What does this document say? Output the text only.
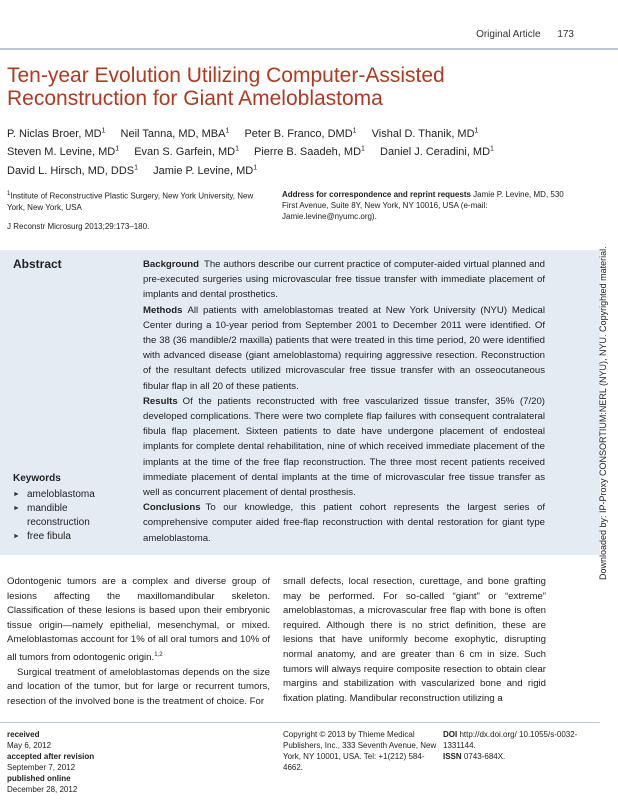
Original Article 173
Ten-year Evolution Utilizing Computer-Assisted Reconstruction for Giant Ameloblastoma
P. Niclas Broer, $MD^1$ Neil Tanna, MD, MBA$^1$ Peter B. Franco, DMD$^1$ Vishal D. Thanik, $MD^1$ Steven M. Levine, $MD^1$ Evan S. Garfein, $MD^1$ Pierre B. Saadeh, $MD^1$ Daniel J. Ceradini, $MD^1$ David L. Hirsch, MD, DDS$^1$ Jamie P. Levine, $MD^1$
$^1$Institute of Reconstructive Plastic Surgery, New York University, New York, New York, USA
J Reconstr Microsurg 2013;29:173–180.
Address for correspondence and reprint requests Jamie P. Levine, MD, 530 First Avenue, Suite 8Y, New York, NY 10016, USA (e-mail: Jamie.levine@nyumc.org).
Abstract
Keywords
► ameloblastoma
► mandible reconstruction
► free fibula

Background The authors describe our current practice of computer-aided virtual planned and pre-executed surgeries using microvascular free tissue transfer with immediate placement of implants and dental prosthetics.

Methods All patients with ameloblastomas treated at New York University (NYU) Medical Center during a 10-year period from September 2001 to December 2011 were identified. Of the 38 (36 mandible/2 maxilla) patients that were treated in this time period, 20 were identified with advanced disease (giant ameloblastoma) requiring aggressive resection. Reconstruction of the resultant defects utilized microvascular free tissue transfer with an osseocutaneous fibular flap in all 20 of these patients.

Results Of the patients reconstructed with free vascularized tissue transfer, 35% (7/20) developed complications. There were two complete flap failures with consequent contralateral fibula flap placement. Sixteen patients to date have undergone placement of endosteal implants for complete dental rehabilitation, nine of which received immediate placement of the implants at the time of the free flap reconstruction. The three most recent patients received immediate placement of dental implants at the time of microvascular free tissue transfer as well as concurrent placement of dental prosthesis.

Conclusions To our knowledge, this patient cohort represents the largest series of comprehensive computer aided free-flap reconstruction with dental restoration for giant type ameloblastoma.	Downloaded by: IP-Proxy CONSORTIUM:NERL (NYU), NYU. Copyrighted material.

Odontogenic tumors are a complex and diverse group of lesions affecting the maxillomandibular skeleton. Classification of these lesions is based upon their embryonic tissue origin—namely epithelial, mesenchymal, or mixed. Ameloblastomas account for 1% of all oral tumors and 10% of all tumors from odontogenic origin.$^{1,2}$

Surgical treatment of ameloblastomas depends on the size and location of the tumor, but for large or recurrent tumors, resection of the involved bone is the treatment of choice. For

small defects, local resection, curettage, and bone grafting may be performed. For so-called “giant” or “extreme” ameloblastomas, a microvascular free flap with bone is often required. Although there is no strict definition, these are lesions that have uniformly become exophytic, disrupting normal anatomy, and are greater than 6 cm in size. Such tumors will always require composite resection to obtain clear margins and stabilization with vascularized bone and rigid fixation plating. Mandibular reconstruction utilizing a

received
May 6, 2012
accepted after revision
September 7, 2012
published online
December 28, 2012
Copyright © 2013 by Thieme Medical Publishers, Inc., 333 Seventh Avenue, New York, NY 10001, USA. Tel: +1(212) 584-4662.
DOI http://dx.doi.org/ 10.1055/s-0032-1331144.
ISSN 0743-684X.
